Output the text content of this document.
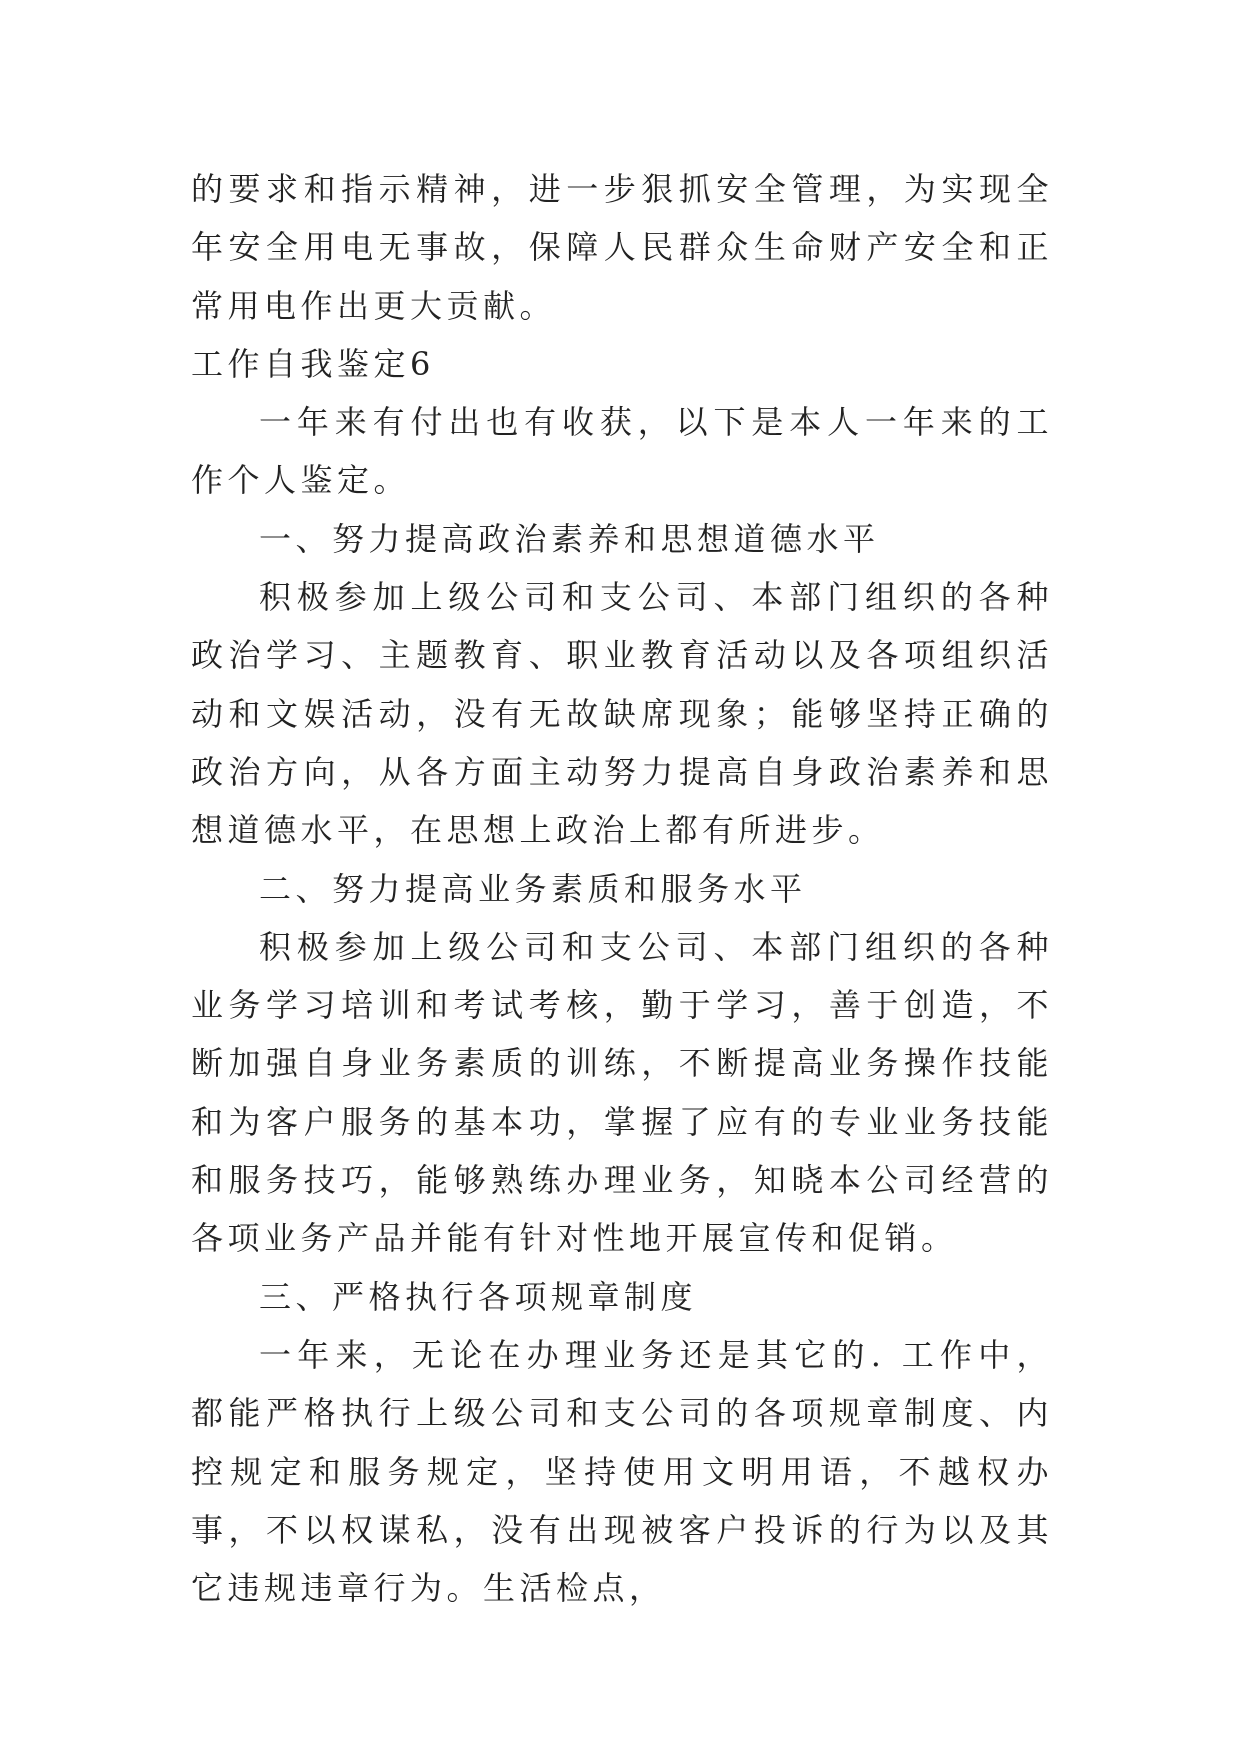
的要求和指示精神，进一步狠抓安全管理，为实现全年安全用电无事故，保障人民群众生命财产安全和正常用电作出更大贡献。

工作自我鉴定6

一年来有付出也有收获，以下是本人一年来的工作个人鉴定。

一、努力提高政治素养和思想道德水平

积极参加上级公司和支公司、本部门组织的各种政治学习、主题教育、职业教育活动以及各项组织活动和文娱活动，没有无故缺席现象；能够坚持正确的政治方向，从各方面主动努力提高自身政治素养和思想道德水平，在思想上政治上都有所进步。

二、努力提高业务素质和服务水平

积极参加上级公司和支公司、本部门组织的各种业务学习培训和考试考核，勤于学习，善于创造，不断加强自身业务素质的训练，不断提高业务操作技能和为客户服务的基本功，掌握了应有的专业业务技能和服务技巧，能够熟练办理业务，知晓本公司经营的各项业务产品并能有针对性地开展宣传和促销。

三、严格执行各项规章制度

一年来，无论在办理业务还是其它的. 工作中，都能严格执行上级公司和支公司的各项规章制度、内控规定和服务规定，坚持使用文明用语，不越权办事，不以权谋私，没有出现被客户投诉的行为以及其它违规违章行为。生活检点，
